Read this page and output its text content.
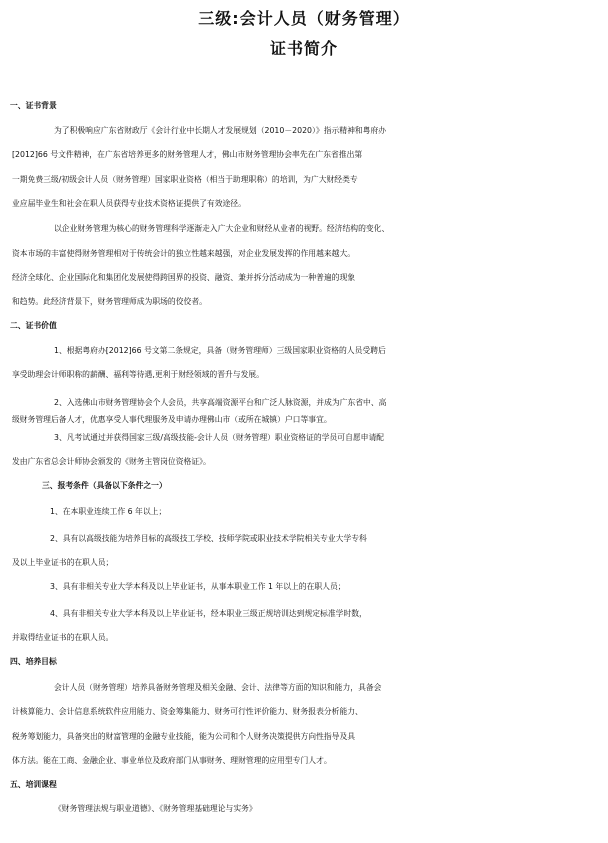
三级:会计人员（财务管理）
证书简介
一、证书背景
为了积极响应广东省财政厅《会计行业中长期人才发展规划（2010－2020）》指示精神和粤府办
[2012]66 号文件精神，在广东省培养更多的财务管理人才，佛山市财务管理协会率先在广东省推出第
一期免费三级/初级会计人员（财务管理）国家职业资格（相当于助理职称）的培训，为广大财经类专
业应届毕业生和社会在职人员获得专业技术资格证提供了有效途径。
以企业财务管理为核心的财务管理科学逐渐走入广大企业和财经从业者的视野。经济结构的变化、
资本市场的丰富使得财务管理相对于传统会计的独立性越来越强，对企业发展发挥的作用越来越大。
经济全球化、企业国际化和集团化发展使得跨国界的投资、融资、兼并拆分活动成为一种普遍的现象
和趋势。此经济背景下，财务管理师成为职场的佼佼者。
二、证书价值
1、根据粤府办[2012]66 号文第二条规定，具备（财务管理师）三级国家职业资格的人员受聘后
享受助理会计师职称的薪酬、福利等待遇,更利于财经领域的晋升与发展。
2、入选佛山市财务管理协会个人会员，共享高端资源平台和广泛人脉资源，并成为广东省中、高
级财务管理后备人才，优惠享受人事代理服务及申请办理佛山市（或所在城镇）户口等事宜。
3、凡考试通过并获得国家三级/高级技能-会计人员（财务管理）职业资格证的学员可自愿申请配
发由广东省总会计师协会颁发的《财务主管岗位资格证》。
三、报考条件（具备以下条件之一）
1、在本职业连续工作 6 年以上；
2、具有以高级技能为培养目标的高级技工学校、技师学院或职业技术学院相关专业大学专科
及以上毕业证书的在职人员；
3、具有非相关专业大学本科及以上毕业证书，从事本职业工作 1 年以上的在职人员；
4、具有非相关专业大学本科及以上毕业证书，经本职业三级正规培训达到规定标准学时数，
并取得结业证书的在职人员。
四、培养目标
会计人员（财务管理）培养具备财务管理及相关金融、会计、法律等方面的知识和能力，具备会
计核算能力、会计信息系统软件应用能力、资金筹集能力、财务可行性评价能力、财务报表分析能力、
税务筹划能力，具备突出的财富管理的金融专业技能，能为公司和个人财务决策提供方向性指导及具
体方法。能在工商、金融企业、事业单位及政府部门从事财务、理财管理的应用型专门人才。
五、培训课程
《财务管理法规与职业道德》、《财务管理基础理论与实务》
